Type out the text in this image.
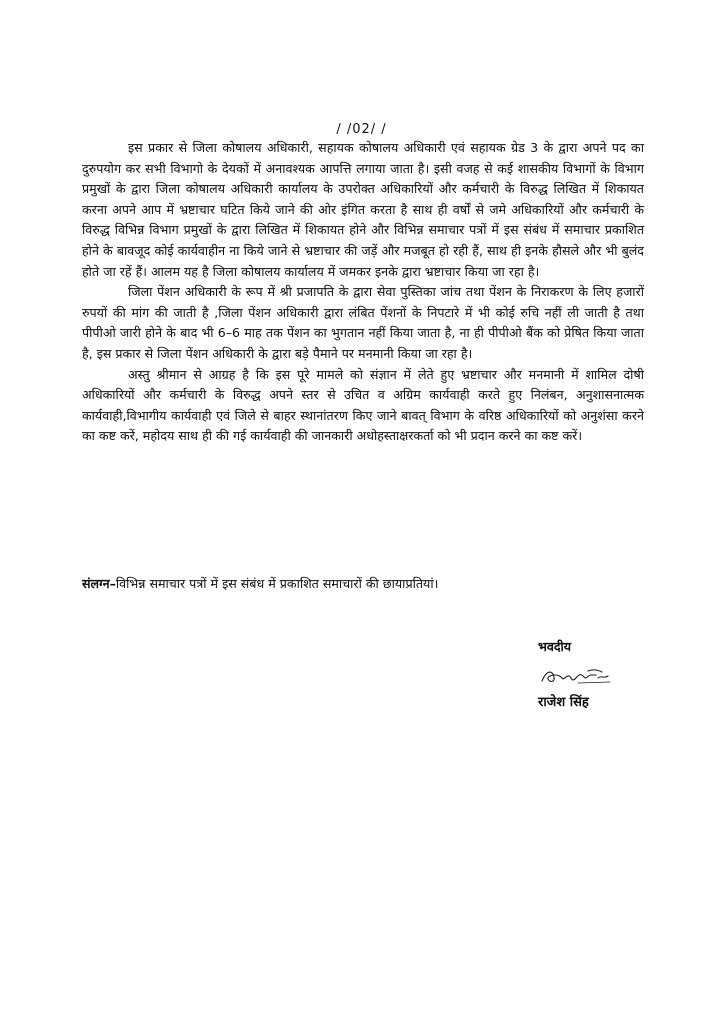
/ /02/ /

इस प्रकार से जिला कोषालय अधिकारी, सहायक कोषालय अधिकारी एवं सहायक ग्रेड 3 के द्वारा अपने पद का दुरुपयोग कर सभी विभागो के देयकों में अनावश्यक आपत्ति लगाया जाता है। इसी वजह से कई शासकीय विभागों के विभाग प्रमुखों के द्वारा जिला कोषालय अधिकारी कार्यालय के उपरोक्त अधिकारियों और कर्मचारी के विरुद्ध लिखित में शिकायत करना अपने आप में भ्रष्टाचार घटित किये जाने की ओर इंगित करता है साथ ही वर्षों से जमे अधिकारियों और कर्मचारी के विरुद्ध विभिन्न विभाग प्रमुखों के द्वारा लिखित में शिकायत होने और विभिन्न समाचार पत्रों में इस संबंध में समाचार प्रकाशित होने के बावजूद कोई कार्यवाहीन ना किये जाने से भ्रष्टाचार की जड़ें और मजबूत हो रही हैं, साथ ही इनके हौसले और भी बुलंद होते जा रहें हैं। आलम यह है जिला कोषालय कार्यालय में जमकर इनके द्वारा भ्रष्टाचार किया जा रहा है।

जिला पेंशन अधिकारी के रूप में श्री प्रजापति के द्वारा सेवा पुस्तिका जांच तथा पेंशन के निराकरण के लिए हजारों रुपयों की मांग की जाती है ,जिला पेंशन अधिकारी द्वारा लंबित पेंशनों के निपटारे में भी कोई रुचि नहीं ली जाती है तथा पीपीओ जारी होने के बाद भी 6–6 माह तक पेंशन का भुगतान नहीं किया जाता है, ना ही पीपीओ बैंक को प्रेषित किया जाता है, इस प्रकार से जिला पेंशन अधिकारी के द्वारा बड़े पैमाने पर मनमानी किया जा रहा है।

अस्तु श्रीमान से आग्रह है कि इस पूरे मामले को संज्ञान में लेते हुए भ्रष्टाचार और मनमानी में शामिल दोषी अधिकारियों और कर्मचारी के विरुद्ध अपने स्तर से उचित व अग्रिम कार्यवाही करते हुए निलंबन, अनुशासनात्मक कार्यवाही,विभागीय कार्यवाही एवं जिले से बाहर स्थानांतरण किए जाने बावत् विभाग के वरिष्ठ अधिकारियों को अनुशंसा करने का कष्ट करें, महोदय साथ ही की गई कार्यवाही की जानकारी अधोहस्ताक्षरकर्ता को भी प्रदान करने का कष्ट करें।

संलग्न–विभिन्न समाचार पत्रों में इस संबंध में प्रकाशित समाचारों की छायाप्रतियां।
भवदीय
राजेश सिंह
